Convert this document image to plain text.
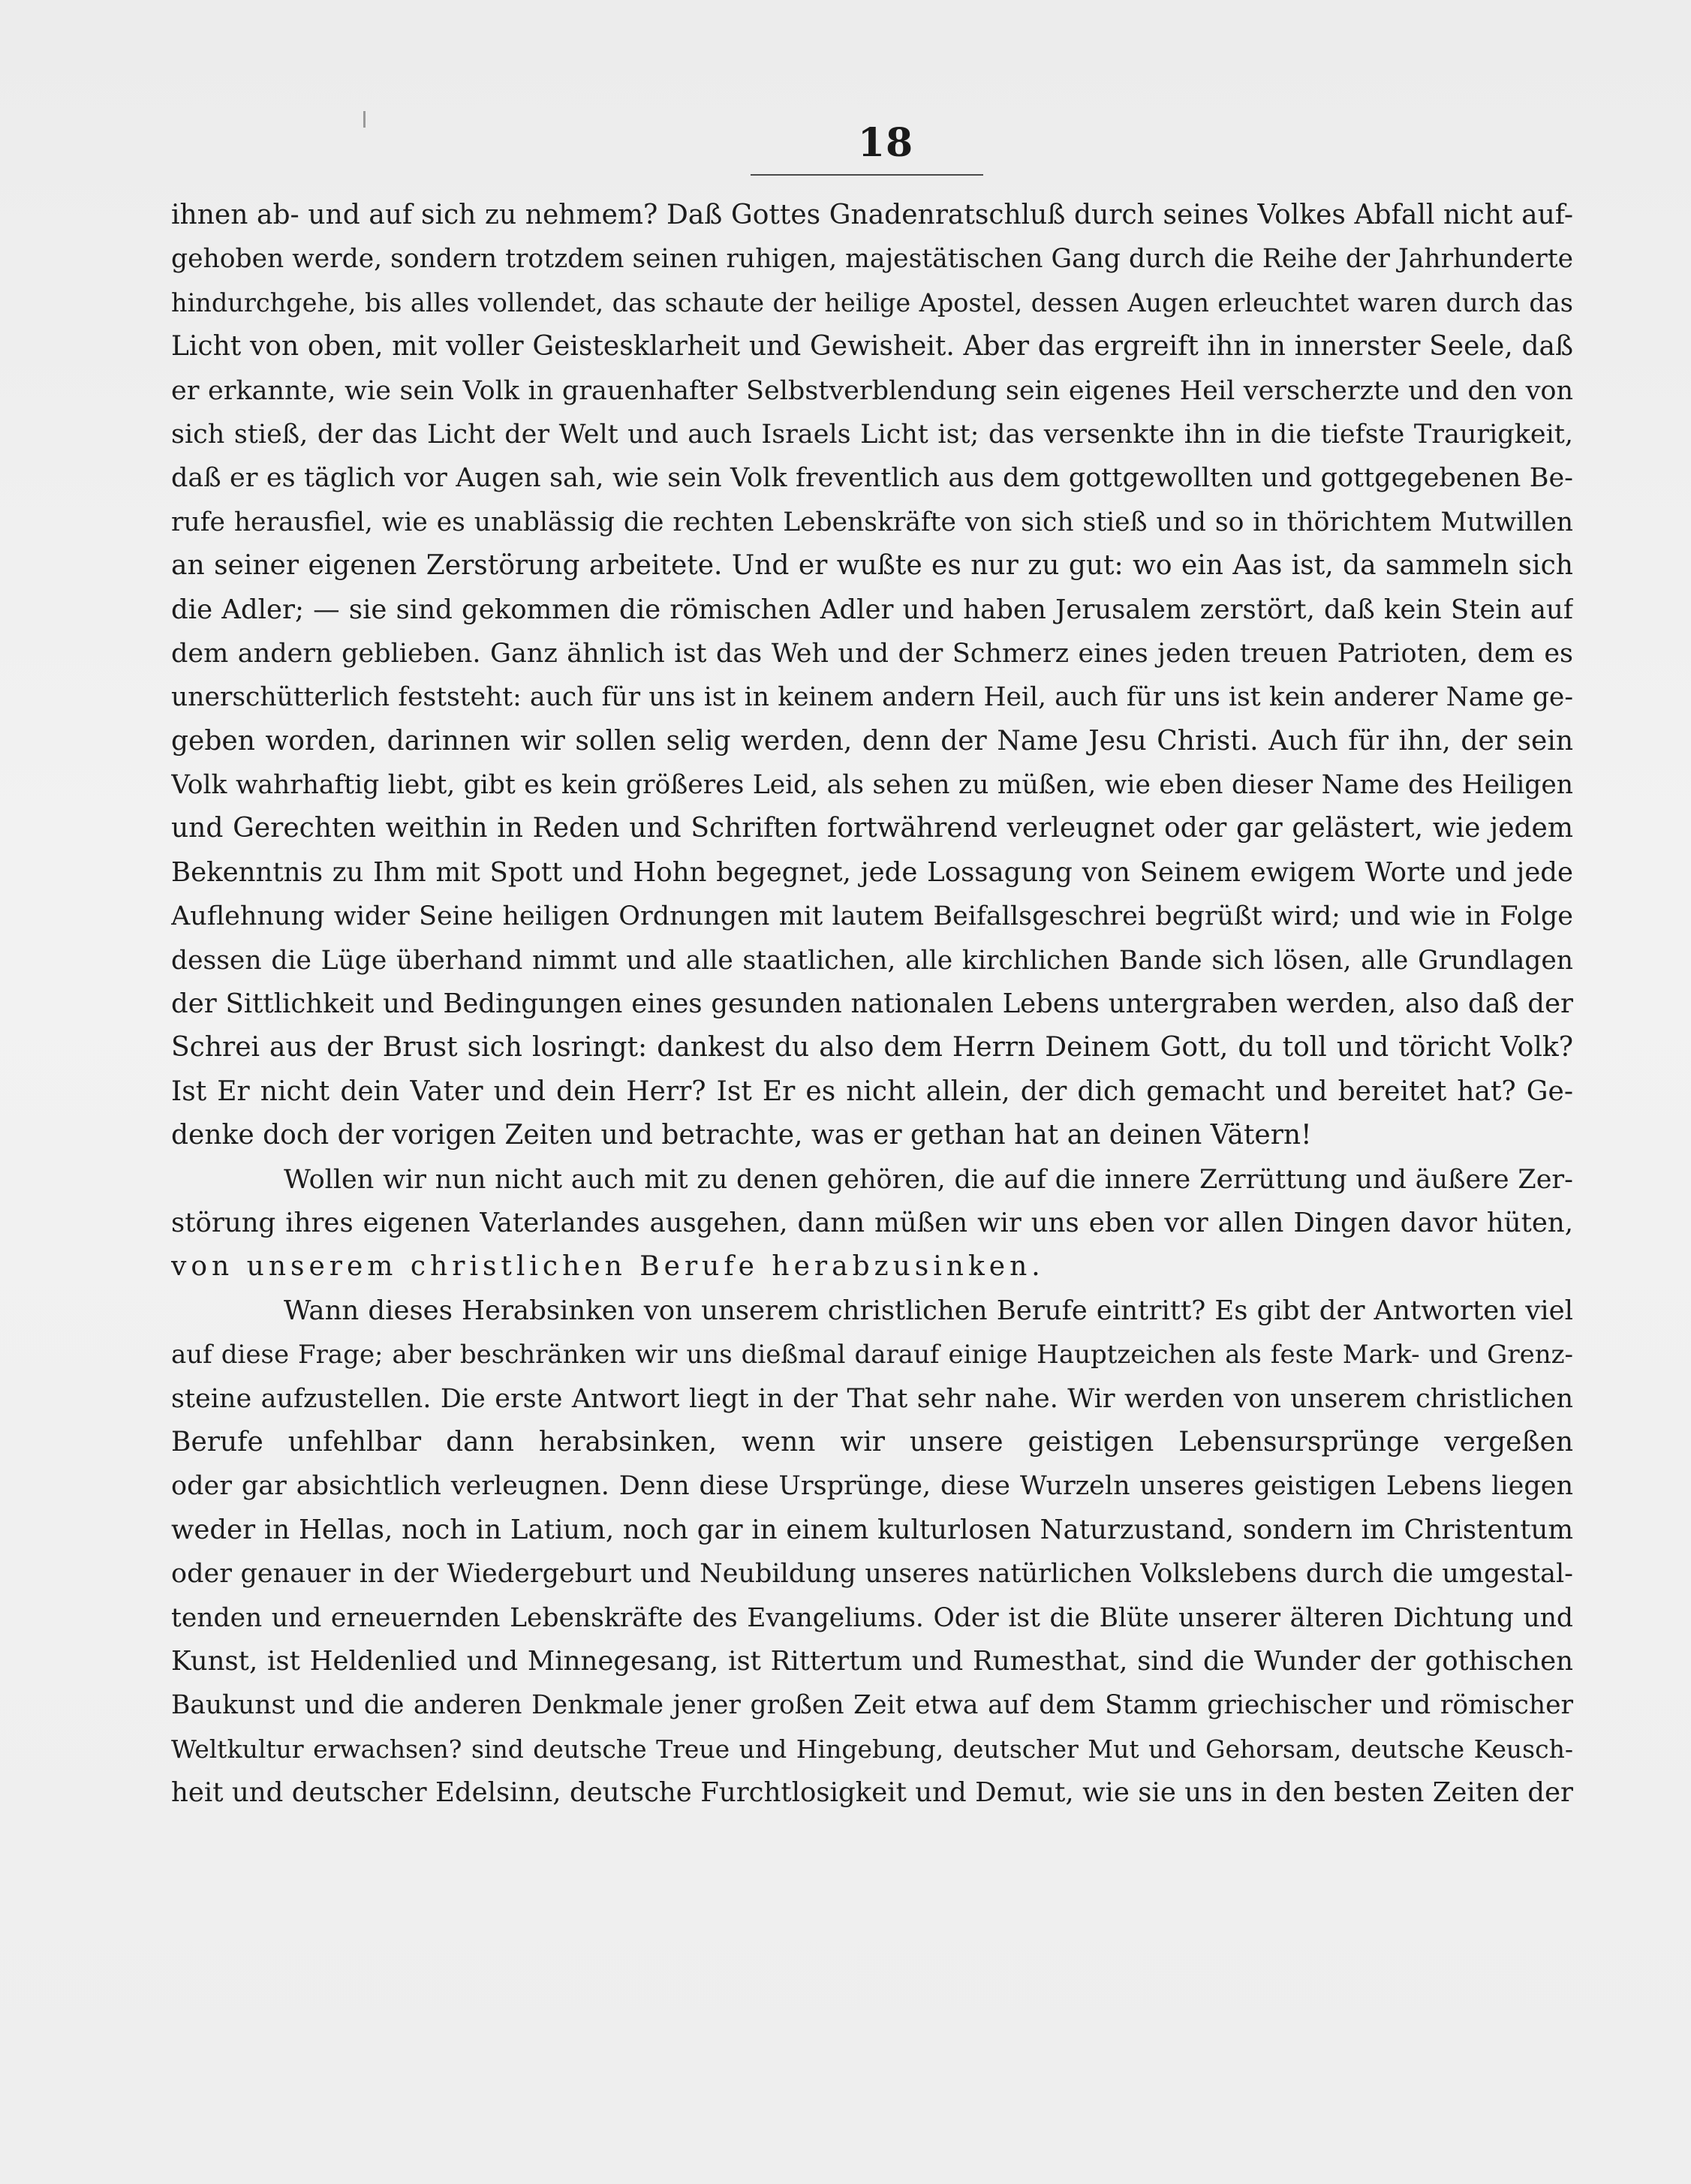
18
ihnen ab- und auf sich zu nehmem? Daß Gottes Gnadenratschluß durch seines Volkes Abfall nicht auf-
gehoben werde, sondern trotzdem seinen ruhigen, majestätischen Gang durch die Reihe der Jahrhunderte
hindurchgehe, bis alles vollendet, das schaute der heilige Apostel, dessen Augen erleuchtet waren durch das
Licht von oben, mit voller Geistesklarheit und Gewisheit. Aber das ergreift ihn in innerster Seele, daß
er erkannte, wie sein Volk in grauenhafter Selbstverblendung sein eigenes Heil verscherzte und den von
sich stieß, der das Licht der Welt und auch Israels Licht ist; das versenkte ihn in die tiefste Traurigkeit,
daß er es täglich vor Augen sah, wie sein Volk freventlich aus dem gottgewollten und gottgegebenen Be-
rufe herausfiel, wie es unablässig die rechten Lebenskräfte von sich stieß und so in thörichtem Mutwillen
an seiner eigenen Zerstörung arbeitete. Und er wußte es nur zu gut: wo ein Aas ist, da sammeln sich
die Adler; — sie sind gekommen die römischen Adler und haben Jerusalem zerstört, daß kein Stein auf
dem andern geblieben. Ganz ähnlich ist das Weh und der Schmerz eines jeden treuen Patrioten, dem es
unerschütterlich feststeht: auch für uns ist in keinem andern Heil, auch für uns ist kein anderer Name ge-
geben worden, darinnen wir sollen selig werden, denn der Name Jesu Christi. Auch für ihn, der sein
Volk wahrhaftig liebt, gibt es kein größeres Leid, als sehen zu müßen, wie eben dieser Name des Heiligen
und Gerechten weithin in Reden und Schriften fortwährend verleugnet oder gar gelästert, wie jedem
Bekenntnis zu Ihm mit Spott und Hohn begegnet, jede Lossagung von Seinem ewigem Worte und jede
Auflehnung wider Seine heiligen Ordnungen mit lautem Beifallsgeschrei begrüßt wird; und wie in Folge
dessen die Lüge überhand nimmt und alle staatlichen, alle kirchlichen Bande sich lösen, alle Grundlagen
der Sittlichkeit und Bedingungen eines gesunden nationalen Lebens untergraben werden, also daß der
Schrei aus der Brust sich losringt: dankest du also dem Herrn Deinem Gott, du toll und töricht Volk?
Ist Er nicht dein Vater und dein Herr? Ist Er es nicht allein, der dich gemacht und bereitet hat? Ge-
denke doch der vorigen Zeiten und betrachte, was er gethan hat an deinen Vätern!
Wollen wir nun nicht auch mit zu denen gehören, die auf die innere Zerrüttung und äußere Zer-
störung ihres eigenen Vaterlandes ausgehen, dann müßen wir uns eben vor allen Dingen davor hüten,
von unserem christlichen Berufe herabzusinken.
Wann dieses Herabsinken von unserem christlichen Berufe eintritt? Es gibt der Antworten viel
auf diese Frage; aber beschränken wir uns dießmal darauf einige Hauptzeichen als feste Mark- und Grenz-
steine aufzustellen. Die erste Antwort liegt in der That sehr nahe. Wir werden von unserem christlichen
Berufe unfehlbar dann herabsinken, wenn wir unsere geistigen Lebensursprünge vergeßen
oder gar absichtlich verleugnen. Denn diese Ursprünge, diese Wurzeln unseres geistigen Lebens liegen
weder in Hellas, noch in Latium, noch gar in einem kulturlosen Naturzustand, sondern im Christentum
oder genauer in der Wiedergeburt und Neubildung unseres natürlichen Volkslebens durch die umgestal-
tenden und erneuernden Lebenskräfte des Evangeliums. Oder ist die Blüte unserer älteren Dichtung und
Kunst, ist Heldenlied und Minnegesang, ist Rittertum und Rumesthat, sind die Wunder der gothischen
Baukunst und die anderen Denkmale jener großen Zeit etwa auf dem Stamm griechischer und römischer
Weltkultur erwachsen? sind deutsche Treue und Hingebung, deutscher Mut und Gehorsam, deutsche Keusch-
heit und deutscher Edelsinn, deutsche Furchtlosigkeit und Demut, wie sie uns in den besten Zeiten der
